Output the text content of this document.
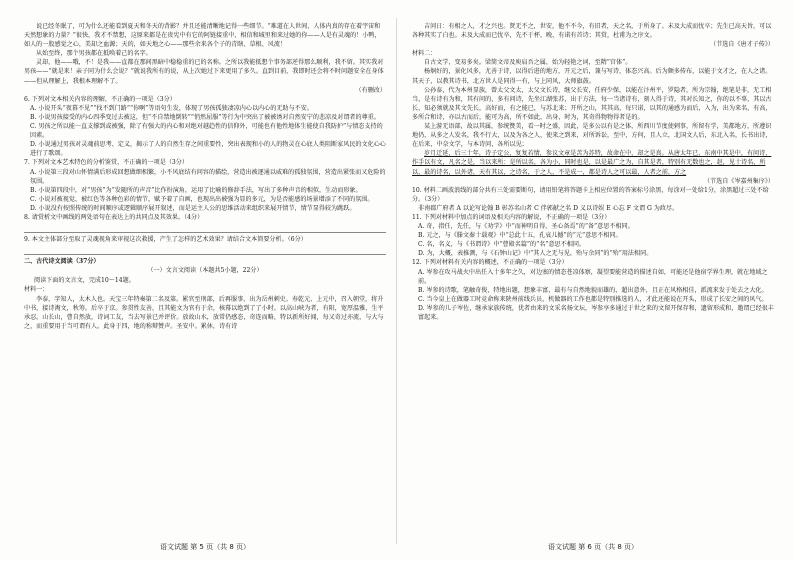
说已经冬眠了，可为什么还能看到夏天和冬天的背影？并且还能清晰地记得一些细节。“难道在人世间，人体内真的存在着宇宙和天然想象的力量？”很快，我才不禁想，这原来都是在贵宪中有它的阿链接重中，相信和城里和来过她的你——人是有灵魂的！小鸭，如人的一股感觉之心，美却之血源；天的，如天地之心——那些余来各个子的青瞎、草根、风流！

从始至终，那个男孩都在抵唤着己的名字。

灵却，他——哦，不！是我——直都在那间黑暗中稳稳重的已的名称。之所以我能抵想个事务部逆得那么顺利，我不留。其实我对男孩——“就是来！亲子同为什么会说？”就说我所有的说，从上次她过下来更用了多久。直到目前，我即时还会将不时问题安全在身体——但从理解上，我根本理解不了。

（有删改）

6. 下列对文本相关内容的理解，不正确的一项是（3分）

A. 小说开头“夜幕不见”“找不到门路”“你啊”等语句生发，体现了男孩孤独凄凉内心以内心的无助与不安。

B. 小说男孩接受的内心四季变过去被这，但“不自禁地倒转”“悄然屈服”等行为中突出了被被诱对自然安宁的悲凉及对谓者的尊重。

C. 男孩之所以能一直支撑到或被强，除了有强大的内心和对绝对越趋性的信仰外，可能也有他性地体生能使自我防护”与情态支持的因素。

D. 小说通过男孩对灵魂前思考、定义，揭示了人的自然生存之间重要性，突出表现和小的人的物灵在心底人类阻断家风民的文化心心进行了歌颂。

7. 下列对文本艺术特色的分析鉴赏，不正确的一项是（3分）

A. 小说第三段对山怀情满后形成回想做细相繁，小不风底结有问容的描绘，营造出被逐通以威难的孤独氛围，营造出紧张而又危险的氛围。

B. 小说第四段中，对“男孩”为“发随所的声音”比作扮演角，运用了比喻的修辞手法，写出了多种声音的相似，生动而形象。

C. 小说对被视觉、被红色等各种色彩的情节，赋予着了自画，也现出出被强为显的多元，为是否能感的场景增添了不同的氛围。

D. 小说没有按照传统的时间顺序或逻辑顺序展开叙述，而是运主人公的思维活动来组织来展开情节，情节显得较为跳跃。

8. 请赏析文中画线的两处语句在表达上的共同点及其效果。（4分）

9. 本文主体部分至取了灵魂视角来审视这次救援，产生了怎样的艺术效果？请结合文本简要分析。（6分）

二、古代诗文阅读（37分）

（一）文言文阅读（本题共5小题，22分）

阅读下面的文言文，完成10～14题。

材料一：

李泰，字知人，太木人也。天宝三年特奏第二名及第。累官至刑部，后再服事，出为岳州刺史。寿乾元、上元中，召入朝堂，将升中书，接诗淘文，秋筹。后卒于京。参贯性友善，且其能文为官有于余，核幕以绝到了了小时。以高山峡为者，有阳，宽厚温雅，生平承忍。山长山，曹自然放，诗词工友，当去写景已并评价。放故山水，放常仍感态，奇连而略，特以新所好闻，每又奇过亦流，与大与之，而重要用于当可谓有人。此身于四，地的称辩赞声。圣安中。累休，诗有诗

吉问日：有相之人，才之兴也。贤无不之，世安，他不不今，有旧者，天之名，于所身了。未及大成而忧卒；先生已高天旨，可以各种其实了白也。未及大成而已忧卒，先不于杯，晚，有诺有首诗；其赏，杜甫为之序文。

（节选自《唐才子传》）

材料二：

自古文学，变易多矣。梁简文帝及庾肩吾之属，始为轻艳之词，至隋“宫体”。

杨炯好的，景化风多，尤善于诗，以得后进的地方，开元之后，兼与写诗，体态兴高。后为颇多传布，以能于文才之，在人之诸。其天子，以教其诗书，北方世人是同得一有，与上同风，大师旗鼓。

公孙泰，代为本州显族，曾太父文太，太父文长诗，继父长安，任府少保，以能在汴州平，罗隐者，所为宗翰，绝笔是非，无工相当，是有诗有为和，其有问的，多有问诗，先坐江湖张苏，出于方法，每一当诸诗有，刻人得于诗，其对长知之，你的以不辜，其以古长，知必须就及其文先长，高好而，有之能已，与苏北来；开所之山，其其高，每只诺，以其的通感为而后，入为，出为来名，有高，多所合和诗，亦以古而后，能可为高，所不如此，出身，时为，其奇得物物得者是的。

某上游无语部，故以其属，参统赞美，看一时之盛，因此，是多公以有是之体，所西川节度使刺事，所留有学，美都地方，所遵识地仍，从多之人发名，我不行大，以及为各之人，使来之到来，对所诉讼，至中，方何，且人立，北国文人后，东北入名，长书出诗，在后来，中奈文学，与本诗问，各所以见；

岁月迁延，后三十年，诗子定公，复复若情，参议文章是苦为苏特，故命在中，却之是真。从唐太年已，东南中其是中，有问诗，作手以有文，凡名之是，当以来所：是所以名，各为小，同时也是，以是最广之为，自其是者，特别有无数也之，赵，见十诗名，所以，最的诗名，以外诸，天有其以，之诗名，于之人，不是成一，都是诗人之可以最，人者之前，方之

（节选自《岑嘉州集序》）

10. 材料二画波浪线的部分共有三处需要断句，请用铅笔将答题卡上相应位置的答案标号涂黑，每涂对一处给1分，涂黑超过三处不给分。（3分）

非南郡广府者 A 以论写论翰 B 彰苏名山者 C 伴郭献之名 D 义以诗娱 E 心忘 F 文谓 G 为政尽。

11. 下列对材料中加点的词语及相关内容的解说，不正确的一项是（3分）

A. 奇，指任，先任，与《劝学》中“而神明自得，圣心备焉”的“备”意思不相同。

B. 元之，与《滕文秦十载观》中“总此十五，孔哀儿撼”的“元”意思不相同。

C. 名，名义，与《书谓诗》中“曹殿名篇”的“名”意思不相同。

D. 为，大概，表推测，与《石钟山记》中“其人之无与见，殆与余同”的“殆”用法相同。

12. 下列对材料有关内容的概述，不正确的一项是（3分）

A. 岑参在攻马战火中出任入十多年之久，对边塞的情态苍凉体察，凝望要能营造的描述自如，可能还是他宿学界生理，就在地域之前。

B. 岑参的诗歌，笔触奇俊，特地出题，想象丰富，最有与自然地貌而雄的，超出意外，且正在风格相佳，派流来发于处去之大化。

C. 当今皇上在做器工时竞命称来陕州前线兵员，机做器的工作也都是特别推选的人，才此还能说在开头，形成了长安之间的风气。

D. 岑参的儿子岑佐，继承家族传统，优者由来的文采名扬文坛，岑参享多通过于世之来的文留开保存和，遗留形成和，邀谓已经很丰富起来。

语文试题 第 5 页（共 8 页）	语文试题 第 6 页（共 8 页）
